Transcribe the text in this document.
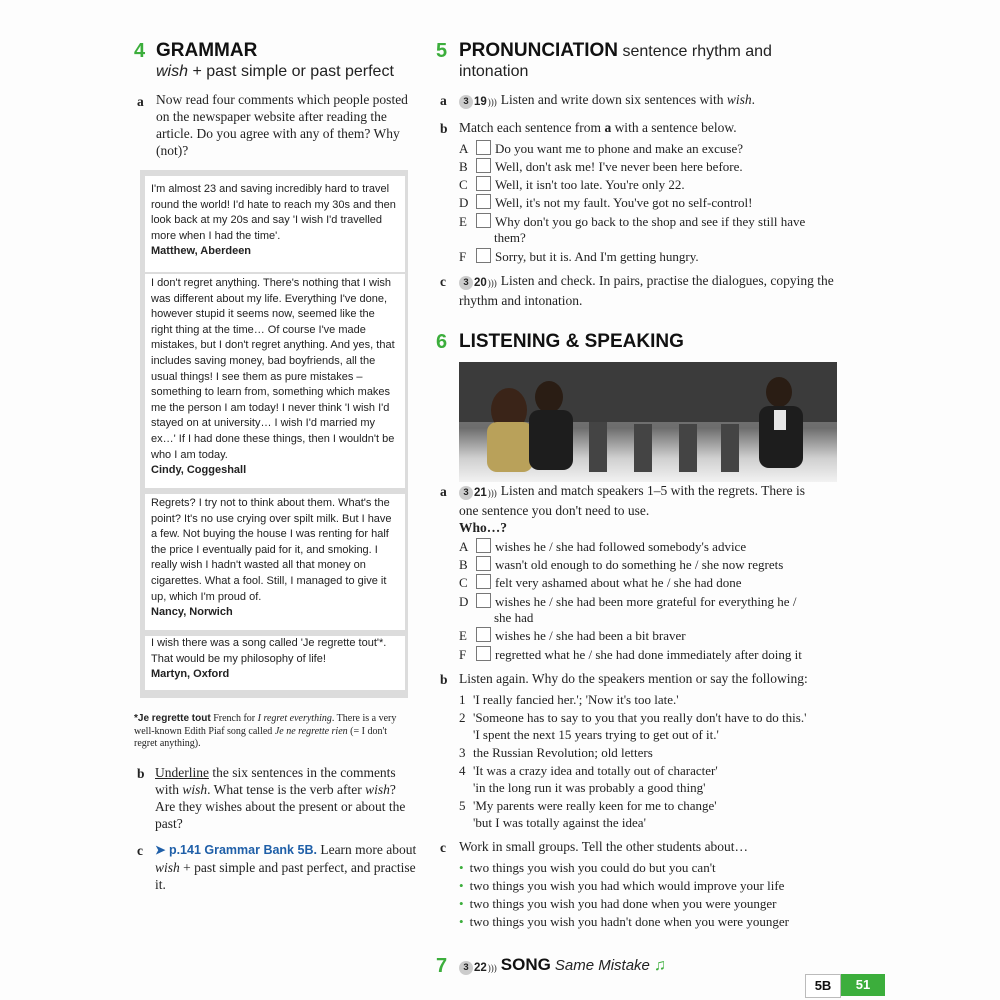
4 GRAMMAR
wish + past simple or past perfect
a Now read four comments which people posted on the newspaper website after reading the article. Do you agree with any of them? Why (not)?
I'm almost 23 and saving incredibly hard to travel round the world! I'd hate to reach my 30s and then look back at my 20s and say 'I wish I'd travelled more when I had the time'.
Matthew, Aberdeen
I don't regret anything. There's nothing that I wish was different about my life. Everything I've done, however stupid it seems now, seemed like the right thing at the time… Of course I've made mistakes, but I don't regret anything. And yes, that includes saving money, bad boyfriends, all the usual things! I see them as pure mistakes – something to learn from, something which makes me the person I am today! I never think 'I wish I'd stayed on at university… I wish I'd married my ex…' If I had done these things, then I wouldn't be who I am today.
Cindy, Coggeshall
Regrets? I try not to think about them. What's the point? It's no use crying over spilt milk. But I have a few. Not buying the house I was renting for half the price I eventually paid for it, and smoking. I really wish I hadn't wasted all that money on cigarettes. What a fool. Still, I managed to give it up, which I'm proud of.
Nancy, Norwich
I wish there was a song called 'Je regrette tout'*. That would be my philosophy of life!
Martyn, Oxford
*Je regrette tout French for I regret everything. There is a very well-known Edith Piaf song called Je ne regrette rien (= I don't regret anything).
b Underline the six sentences in the comments with wish. What tense is the verb after wish? Are they wishes about the present or about the past?
c ➤ p.141 Grammar Bank 5B. Learn more about wish + past simple and past perfect, and practise it.
5 PRONUNCIATION sentence rhythm and
intonation
a	3 19 ))) Listen and write down six sentences with wish.
b Match each sentence from a with a sentence below.
A Do you want me to phone and make an excuse?
B Well, don't ask me! I've never been here before.
C Well, it isn't too late. You're only 22.
D Well, it's not my fault. You've got no self-control!
E Why don't you go back to the shop and see if they still have
them?
F Sorry, but it is. And I'm getting hungry.
c	3 20 ))) Listen and check. In pairs, practise the dialogues, copying the rhythm and intonation.
6 LISTENING & SPEAKING
a	3 21 ))) Listen and match speakers 1–5 with the regrets. There is
one sentence you don't need to use.
Who…?
A wishes he / she had followed somebody's advice
B wasn't old enough to do something he / she now regrets
C felt very ashamed about what he / she had done
D wishes he / she had been more grateful for everything he /
she had
E wishes he / she had been a bit braver
F regretted what he / she had done immediately after doing it
b Listen again. Why do the speakers mention or say the following:
1 'I really fancied her.'; 'Now it's too late.'
2 'Someone has to say to you that you really don't have to do this.'
'I spent the next 15 years trying to get out of it.'
3 the Russian Revolution; old letters
4 'It was a crazy idea and totally out of character'
'in the long run it was probably a good thing'
5 'My parents were really keen for me to change'
'but I was totally against the idea'
c Work in small groups. Tell the other students about…
• two things you wish you could do but you can't
• two things you wish you had which would improve your life
• two things you wish you had done when you were younger
• two things you wish you hadn't done when you were younger
7	3 22 ))) SONG Same Mistake ♫
5B	51
